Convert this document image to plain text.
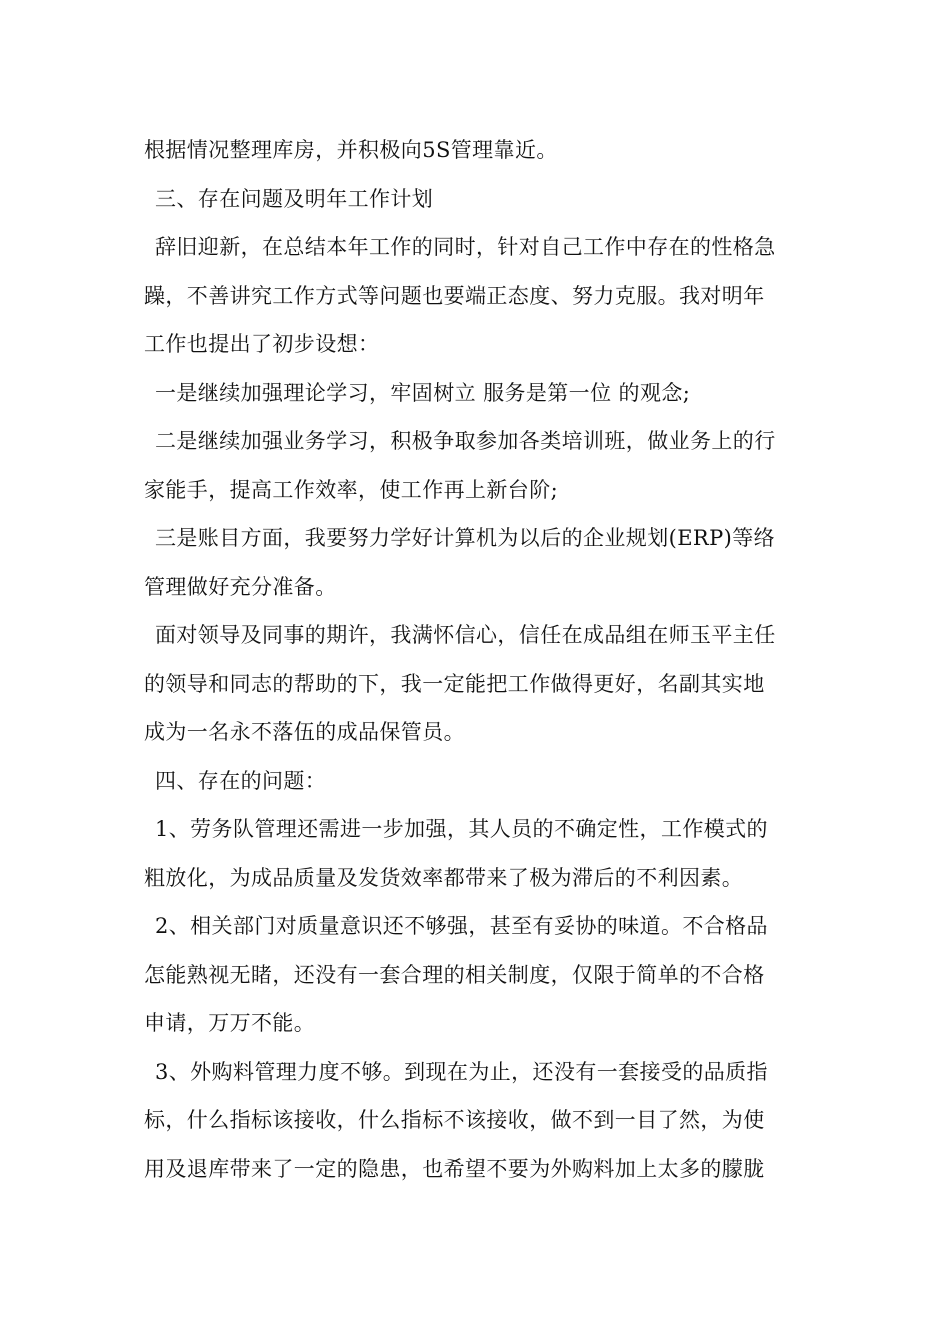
根据情况整理库房，并积极向5S管理靠近。
三、存在问题及明年工作计划
辞旧迎新，在总结本年工作的同时，针对自己工作中存在的性格急
躁，不善讲究工作方式等问题也要端正态度、努力克服。我对明年
工作也提出了初步设想：
一是继续加强理论学习，牢固树立 服务是第一位 的观念;
二是继续加强业务学习，积极争取参加各类培训班，做业务上的行
家能手，提高工作效率，使工作再上新台阶;
三是账目方面，我要努力学好计算机为以后的企业规划(ERP)等络
管理做好充分准备。
面对领导及同事的期许，我满怀信心，信任在成品组在师玉平主任
的领导和同志的帮助的下，我一定能把工作做得更好，名副其实地
成为一名永不落伍的成品保管员。
四、存在的问题：
1、劳务队管理还需进一步加强，其人员的不确定性，工作模式的
粗放化，为成品质量及发货效率都带来了极为滞后的不利因素。
2、相关部门对质量意识还不够强，甚至有妥协的味道。不合格品
怎能熟视无睹，还没有一套合理的相关制度，仅限于简单的不合格
申请，万万不能。
3、外购料管理力度不够。到现在为止，还没有一套接受的品质指
标，什么指标该接收，什么指标不该接收，做不到一目了然，为使
用及退库带来了一定的隐患，也希望不要为外购料加上太多的朦胧
